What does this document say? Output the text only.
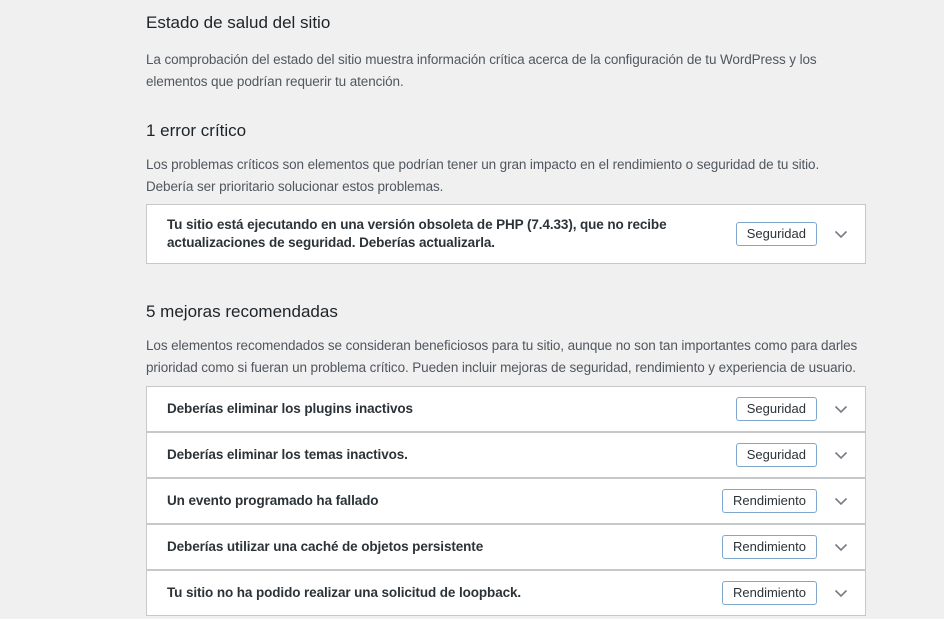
Estado de salud del sitio

La comprobación del estado del sitio muestra información crítica acerca de la configuración de tu WordPress y los elementos que podrían requerir tu atención.

1 error crítico

Los problemas críticos son elementos que podrían tener un gran impacto en el rendimiento o seguridad de tu sitio. Debería ser prioritario solucionar estos problemas.

Tu sitio está ejecutando en una versión obsoleta de PHP (7.4.33), que no recibe actualizaciones de seguridad. Deberías actualizarla.
Seguridad
5 mejoras recomendadas

Los elementos recomendados se consideran beneficiosos para tu sitio, aunque no son tan importantes como para darles prioridad como si fueran un problema crítico. Pueden incluir mejoras de seguridad, rendimiento y experiencia de usuario.

Deberías eliminar los plugins inactivos	Seguridad
Deberías eliminar los temas inactivos.	Seguridad
Un evento programado ha fallado	Rendimiento
Deberías utilizar una caché de objetos persistente	Rendimiento
Tu sitio no ha podido realizar una solicitud de loopback.	Rendimiento
